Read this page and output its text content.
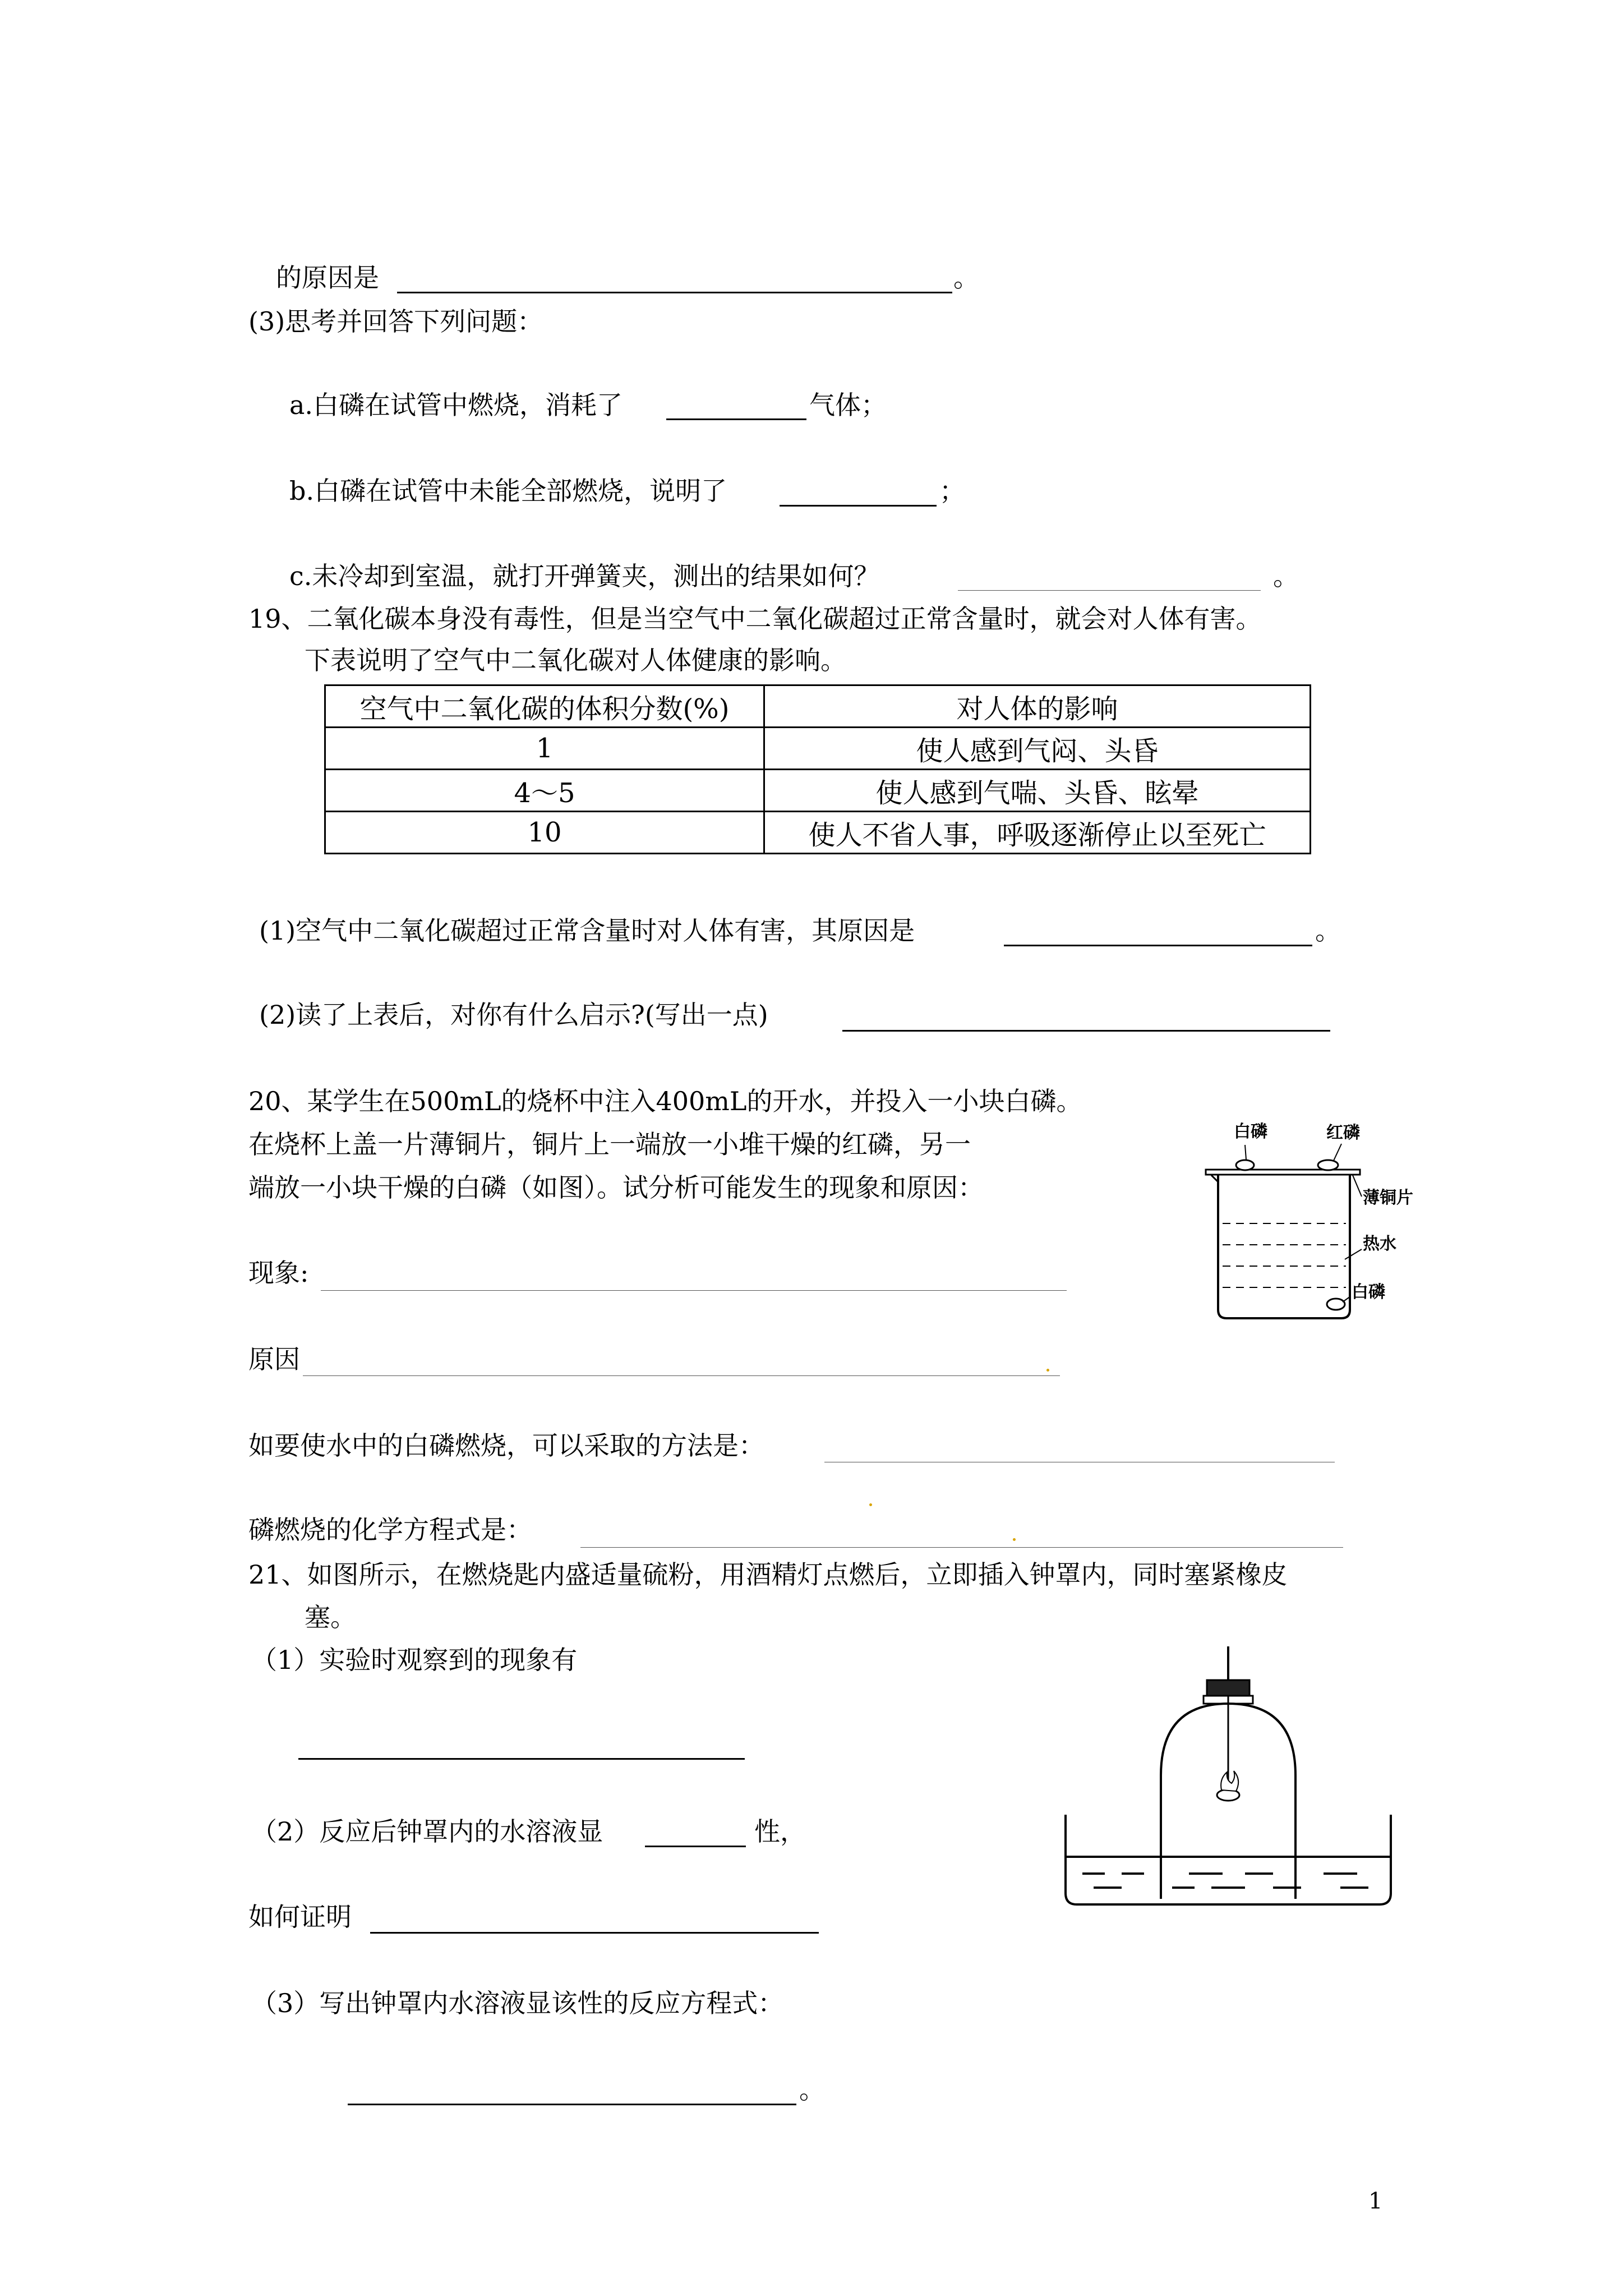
的原因是	。
(3)思考并回答下列问题：
a.白磷在试管中燃烧，消耗了	气体；
b.白磷在试管中未能全部燃烧，说明了	；
c.未冷却到室温，就打开弹簧夹，测出的结果如何？	。
19、二氧化碳本身没有毒性，但是当空气中二氧化碳超过正常含量时，就会对人体有害。
下表说明了空气中二氧化碳对人体健康的影响。
空气中二氧化碳的体积分数(%)	对人体的影响
1	使人感到气闷、头昏
4～5	使人感到气喘、头昏、眩晕
10	使人不省人事，呼吸逐渐停止以至死亡
(1)空气中二氧化碳超过正常含量时对人体有害，其原因是	。
(2)读了上表后，对你有什么启示?(写出一点)
20、某学生在500mL的烧杯中注入400mL的开水，并投入一小块白磷。
在烧杯上盖一片薄铜片，铜片上一端放一小堆干燥的红磷，另一
端放一小块干燥的白磷（如图）。试分析可能发生的现象和原因：
现象:
原因
如要使水中的白磷燃烧，可以采取的方法是：
磷燃烧的化学方程式是：
白磷	红磷
薄铜片
热水
白磷
21、如图所示，在燃烧匙内盛适量硫粉，用酒精灯点燃后，立即插入钟罩内，同时塞紧橡皮
塞。
（1）实验时观察到的现象有
（2）反应后钟罩内的水溶液显	性，
如何证明
（3）写出钟罩内水溶液显该性的反应方程式：
。
1
